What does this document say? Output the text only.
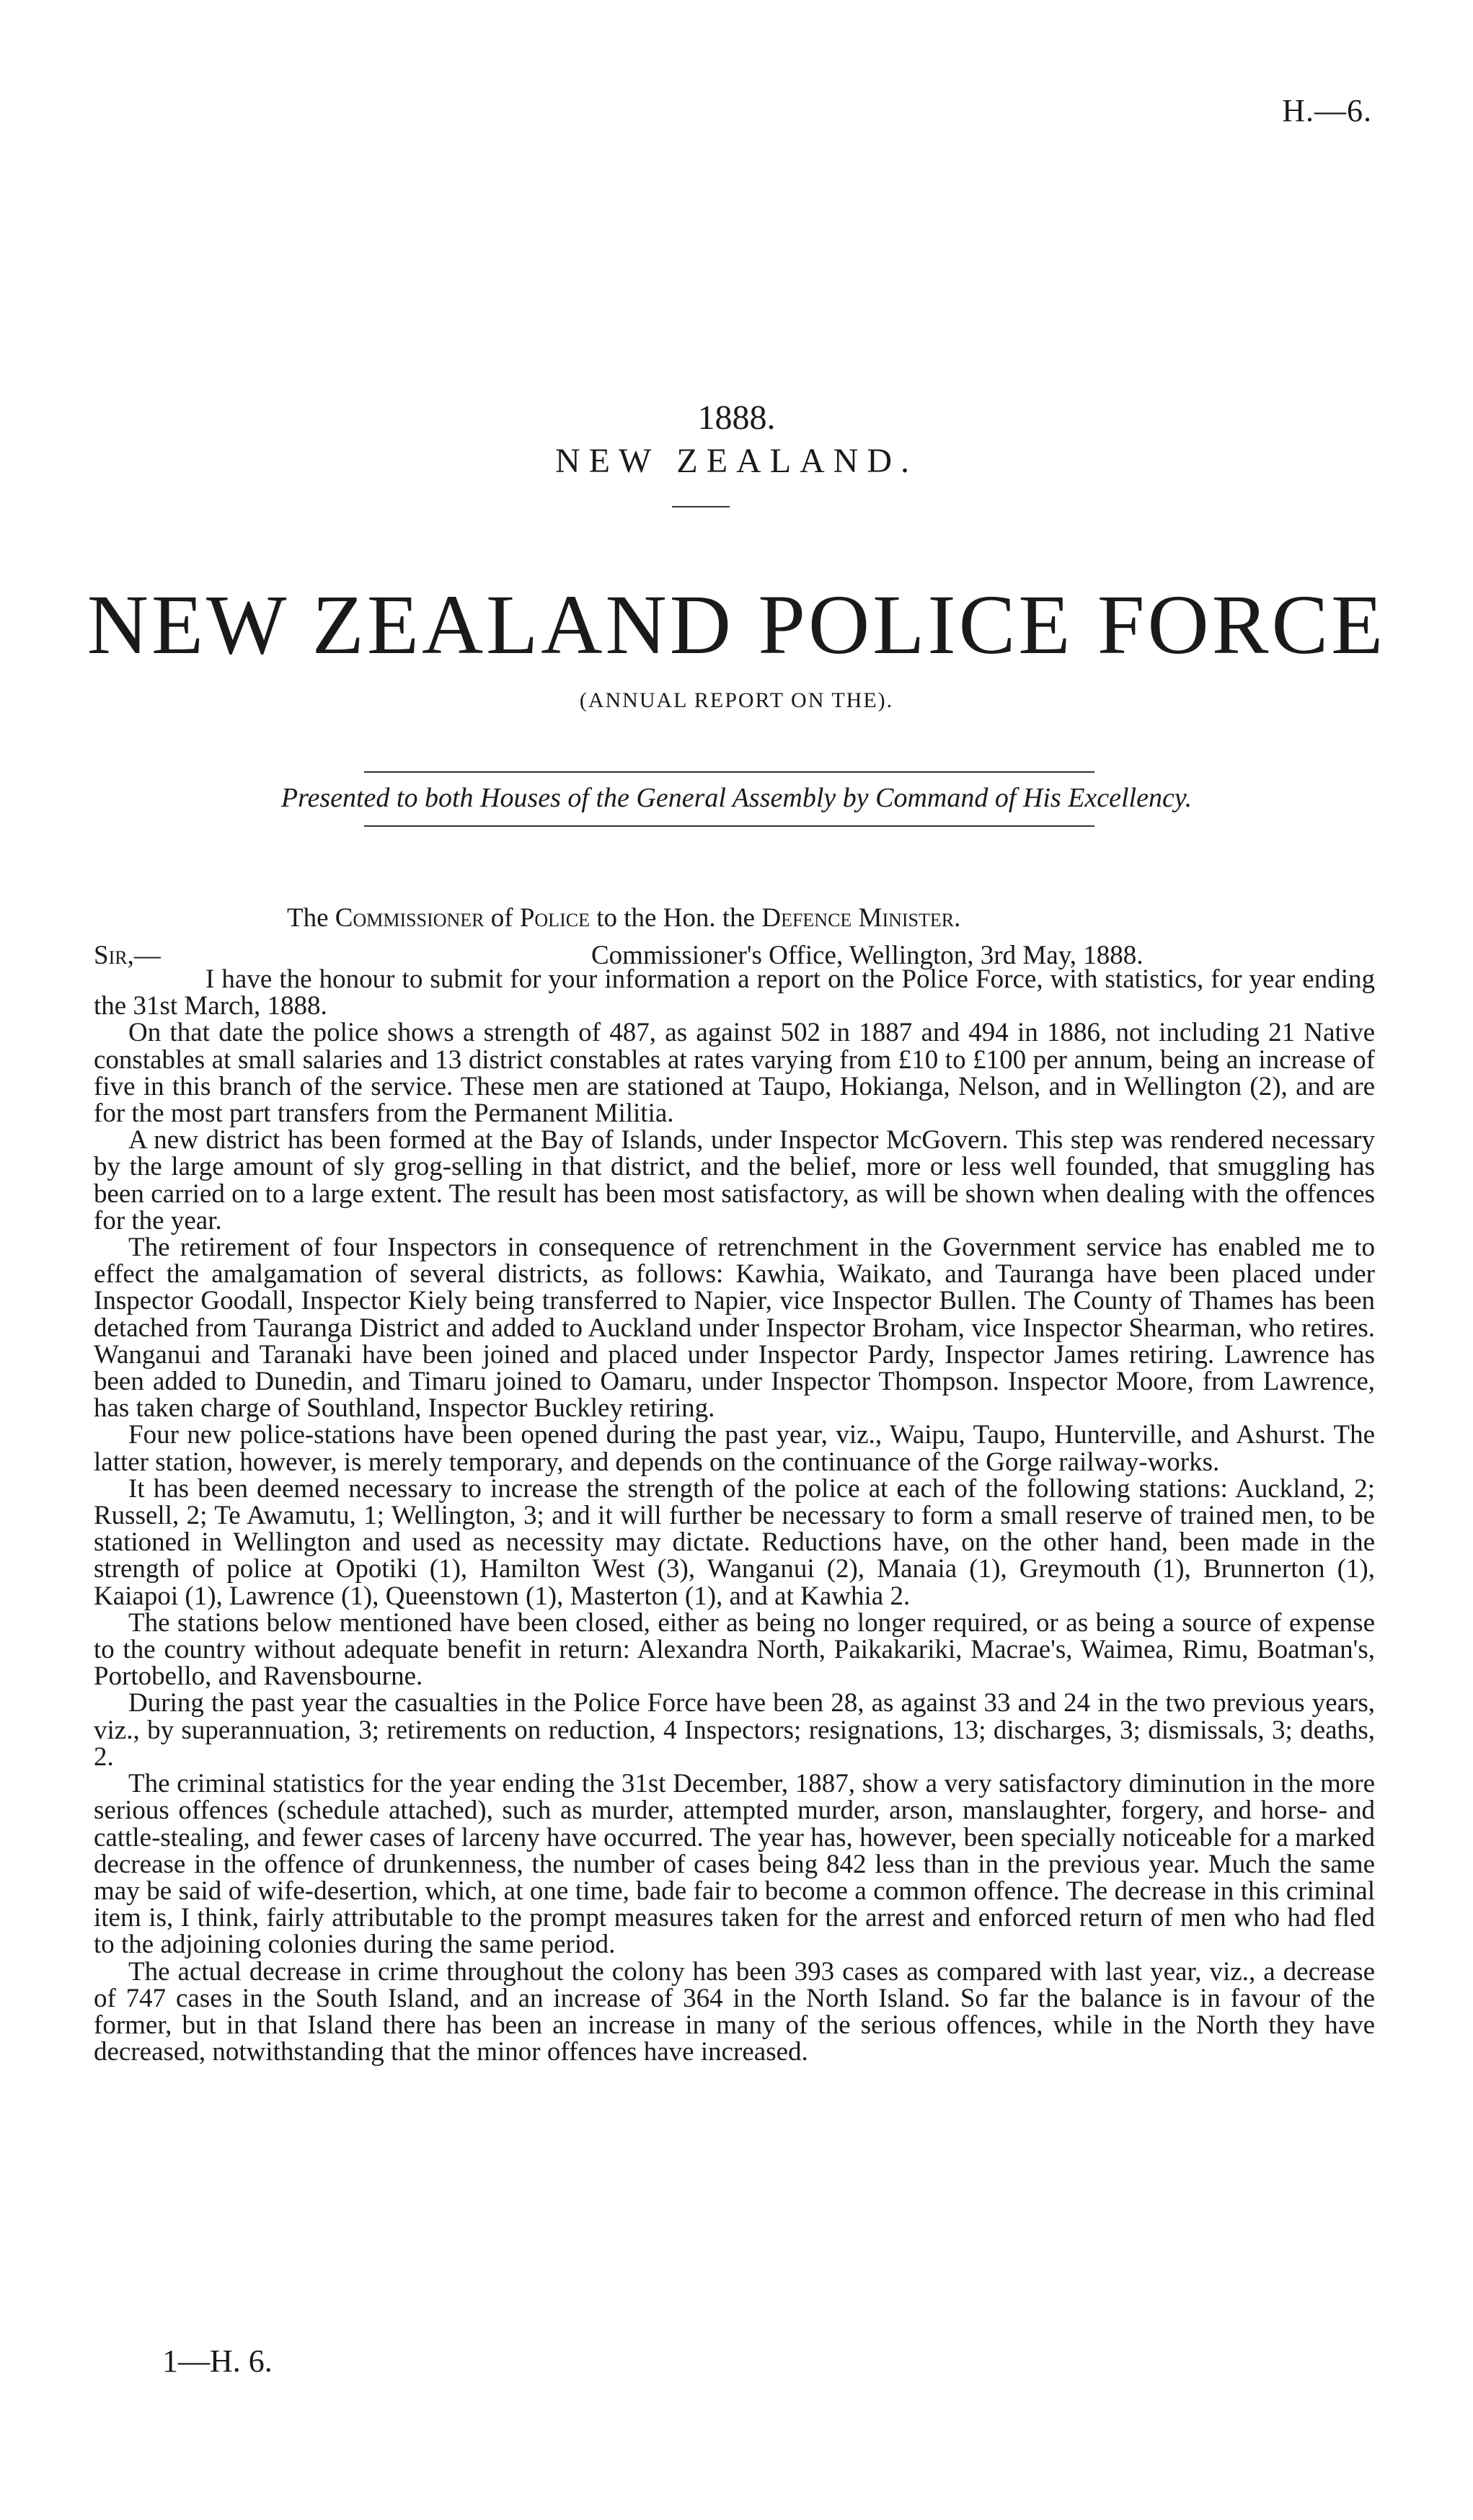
H.—6.
1888.
NEW ZEALAND.
NEW ZEALAND POLICE FORCE
(ANNUAL REPORT ON THE).
Presented to both Houses of the General Assembly by Command of His Excellency.
The Commissioner of Police to the Hon. the Defence Minister.
Sir,—	Commissioner's Office, Wellington, 3rd May, 1888.

I have the honour to submit for your information a report on the Police Force, with statistics, for year ending the 31st March, 1888.

On that date the police shows a strength of 487, as against 502 in 1887 and 494 in 1886, not including 21 Native constables at small salaries and 13 district constables at rates varying from £10 to £100 per annum, being an increase of five in this branch of the service. These men are stationed at Taupo, Hokianga, Nelson, and in Wellington (2), and are for the most part transfers from the Permanent Militia.

A new district has been formed at the Bay of Islands, under Inspector McGovern. This step was rendered necessary by the large amount of sly grog-selling in that district, and the belief, more or less well founded, that smuggling has been carried on to a large extent. The result has been most satisfactory, as will be shown when dealing with the offences for the year.

The retirement of four Inspectors in consequence of retrenchment in the Government service has enabled me to effect the amalgamation of several districts, as follows: Kawhia, Waikato, and Tauranga have been placed under Inspector Goodall, Inspector Kiely being transferred to Napier, vice Inspector Bullen. The County of Thames has been detached from Tauranga District and added to Auckland under Inspector Broham, vice Inspector Shearman, who retires. Wanganui and Taranaki have been joined and placed under Inspector Pardy, Inspector James retiring. Lawrence has been added to Dunedin, and Timaru joined to Oamaru, under Inspector Thompson. Inspector Moore, from Lawrence, has taken charge of Southland, Inspector Buckley retiring.

Four new police-stations have been opened during the past year, viz., Waipu, Taupo, Hunterville, and Ashurst. The latter station, however, is merely temporary, and depends on the continuance of the Gorge railway-works.

It has been deemed necessary to increase the strength of the police at each of the following stations: Auckland, 2; Russell, 2; Te Awamutu, 1; Wellington, 3; and it will further be necessary to form a small reserve of trained men, to be stationed in Wellington and used as necessity may dictate. Reductions have, on the other hand, been made in the strength of police at Opotiki (1), Hamilton West (3), Wanganui (2), Manaia (1), Greymouth (1), Brunnerton (1), Kaiapoi (1), Lawrence (1), Queenstown (1), Masterton (1), and at Kawhia 2.

The stations below mentioned have been closed, either as being no longer required, or as being a source of expense to the country without adequate benefit in return: Alexandra North, Paikakariki, Macrae's, Waimea, Rimu, Boatman's, Portobello, and Ravensbourne.

During the past year the casualties in the Police Force have been 28, as against 33 and 24 in the two previous years, viz., by superannuation, 3; retirements on reduction, 4 Inspectors; resignations, 13; discharges, 3; dismissals, 3; deaths, 2.

The criminal statistics for the year ending the 31st December, 1887, show a very satisfactory diminution in the more serious offences (schedule attached), such as murder, attempted murder, arson, manslaughter, forgery, and horse- and cattle-stealing, and fewer cases of larceny have occurred. The year has, however, been specially noticeable for a marked decrease in the offence of drunkenness, the number of cases being 842 less than in the previous year. Much the same may be said of wife-desertion, which, at one time, bade fair to become a common offence. The decrease in this criminal item is, I think, fairly attributable to the prompt measures taken for the arrest and enforced return of men who had fled to the adjoining colonies during the same period.

The actual decrease in crime throughout the colony has been 393 cases as compared with last year, viz., a decrease of 747 cases in the South Island, and an increase of 364 in the North Island. So far the balance is in favour of the former, but in that Island there has been an increase in many of the serious offences, while in the North they have decreased, notwithstanding that the minor offences have increased.

1—H. 6.
